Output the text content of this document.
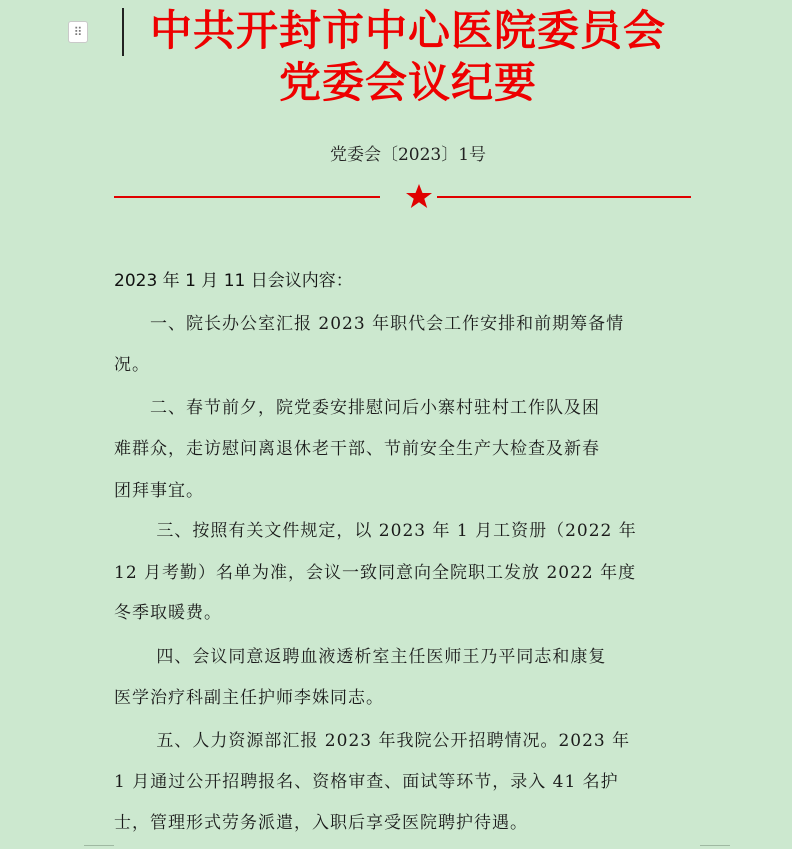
⠿	中共开封市中心医院委员会
党委会议纪要
党委会〔2023〕1号
2023 年 1 月 11 日会议内容：
　　一、院长办公室汇报 2023 年职代会工作安排和前期筹备情
况。
　　二、春节前夕，院党委安排慰问后小寨村驻村工作队及困
难群众，走访慰问离退休老干部、节前安全生产大检查及新春
团拜事宜。
　　 三、按照有关文件规定，以 2023 年 1 月工资册（2022 年
12 月考勤）名单为准，会议一致同意向全院职工发放 2022 年度
冬季取暖费。
　　 四、会议同意返聘血液透析室主任医师王乃平同志和康复
医学治疗科副主任护师李姝同志。
　　 五、人力资源部汇报 2023 年我院公开招聘情况。2023 年
1 月通过公开招聘报名、资格审查、面试等环节，录入 41 名护
士，管理形式劳务派遣，入职后享受医院聘护待遇。
